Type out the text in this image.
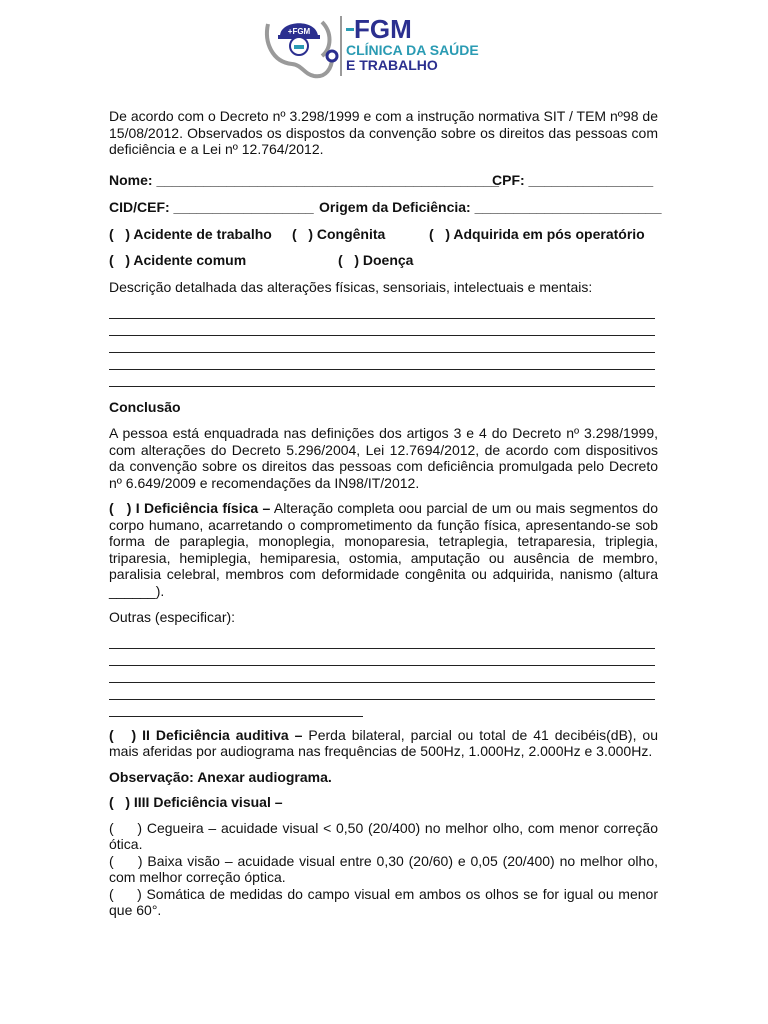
+FGM FGM
CLÍNICA DA SAÚDE
E TRABALHO

De acordo com o Decreto nº 3.298/1999 e com a instrução normativa SIT / TEM nº98 de 15/08/2012. Observados os dispostos da convenção sobre os direitos das pessoas com deficiência e a Lei nº 12.764/2012.

Nome: ____________________________________________
CPF: ________________
CID/CEF: __________________ Origem da Deficiência: ________________________

(   ) Acidente de trabalho

(   ) Congênita

	(   ) Adquirida em pós operatório

(   ) Acidente comum

	(   ) Doença

Descrição detalhada das alterações físicas, sensoriais, intelectuais e mentais:

Conclusão

A pessoa está enquadrada nas definições dos artigos 3 e 4 do Decreto nº 3.298/1999, com alterações do Decreto 5.296/2004, Lei 12.7694/2012, de acordo com dispositivos da convenção sobre os direitos das pessoas com deficiência promulgada pelo Decreto nº 6.649/2009 e recomendações da IN98/IT/2012.

(   ) I Deficiência física – Alteração completa oou parcial de um ou mais segmentos do corpo humano, acarretando o comprometimento da função física, apresentando-se sob forma de paraplegia, monoplegia, monoparesia, tetraplegia, tetraparesia, triplegia, triparesia, hemiplegia, hemiparesia, ostomia, amputação ou ausência de membro, paralisia celebral, membros com deformidade congênita ou adquirida, nanismo (altura ______).

Outras (especificar):

(   ) II Deficiência auditiva – Perda bilateral, parcial ou total de 41 decibéis(dB), ou mais aferidas por audiograma nas frequências de 500Hz, 1.000Hz, 2.000Hz e 3.000Hz.

Observação: Anexar audiograma.

(   ) IIII Deficiência visual –

(     ) Cegueira – acuidade visual < 0,50 (20/400) no melhor olho, com menor correção ótica.

(     ) Baixa visão – acuidade visual entre 0,30 (20/60) e 0,05 (20/400) no melhor olho, com melhor correção óptica.

(     ) Somática de medidas do campo visual em ambos os olhos se for igual ou menor que 60°.
